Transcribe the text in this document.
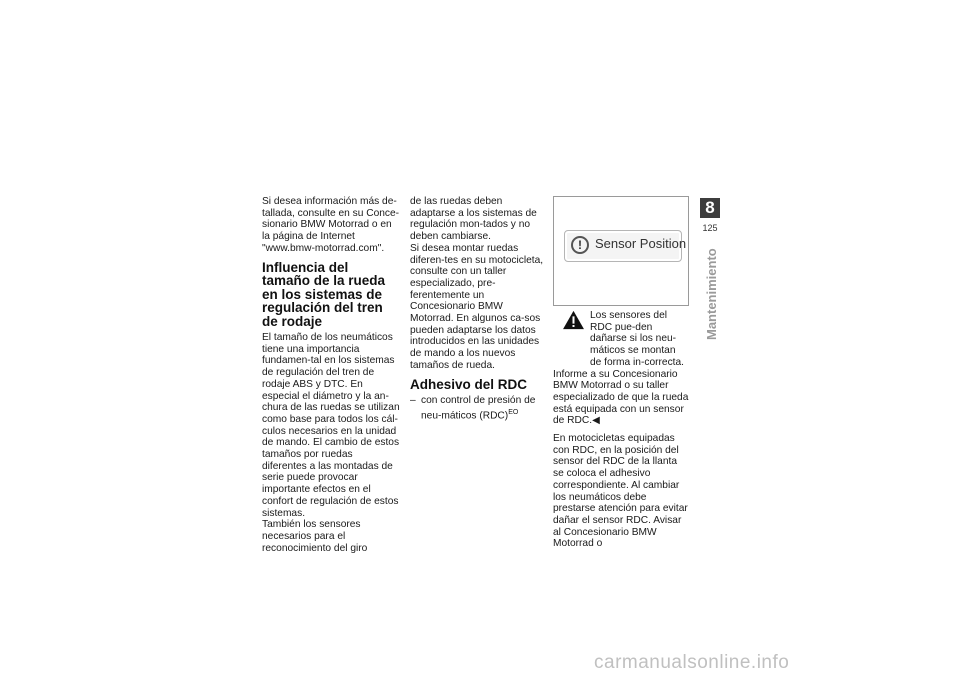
Si desea información más de-tallada, consulte en su Conce-sionario BMW Motorrad o en la página de Internet "www.bmw-motorrad.com".

Influencia del tamaño de la rueda en los sistemas de regulación del tren de rodaje

El tamaño de los neumáticos tiene una importancia fundamen-tal en los sistemas de regulación del tren de rodaje ABS y DTC. En especial el diámetro y la an-chura de las ruedas se utilizan como base para todos los cál-culos necesarios en la unidad de mando. El cambio de estos tamaños por ruedas diferentes a las montadas de serie puede provocar importante efectos en el confort de regulación de estos sistemas.

También los sensores necesarios para el reconocimiento del giro

de las ruedas deben adaptarse a los sistemas de regulación mon-tados y no deben cambiarse.

Si desea montar ruedas diferen-tes en su motocicleta, consulte con un taller especializado, pre-ferentemente un Concesionario BMW Motorrad. En algunos ca-sos pueden adaptarse los datos introducidos en las unidades de mando a los nuevos tamaños de rueda.

Adhesivo del RDC
– con control de presión de neu-máticos (RDC)$^{EO}$
!	Sensor Position

Los sensores del RDC pue-den dañarse si los neu-máticos se montan de forma in-correcta.

Informe a su Concesionario BMW Motorrad o su taller especializado de que la rueda está equipada con un sensor de RDC.◀

En motocicletas equipadas con RDC, en la posición del sensor del RDC de la llanta se coloca el adhesivo correspondiente. Al cambiar los neumáticos debe prestarse atención para evitar dañar el sensor RDC. Avisar al Concesionario BMW Motorrad o

8
125
Mantenimiento
carmanualsonline.info
